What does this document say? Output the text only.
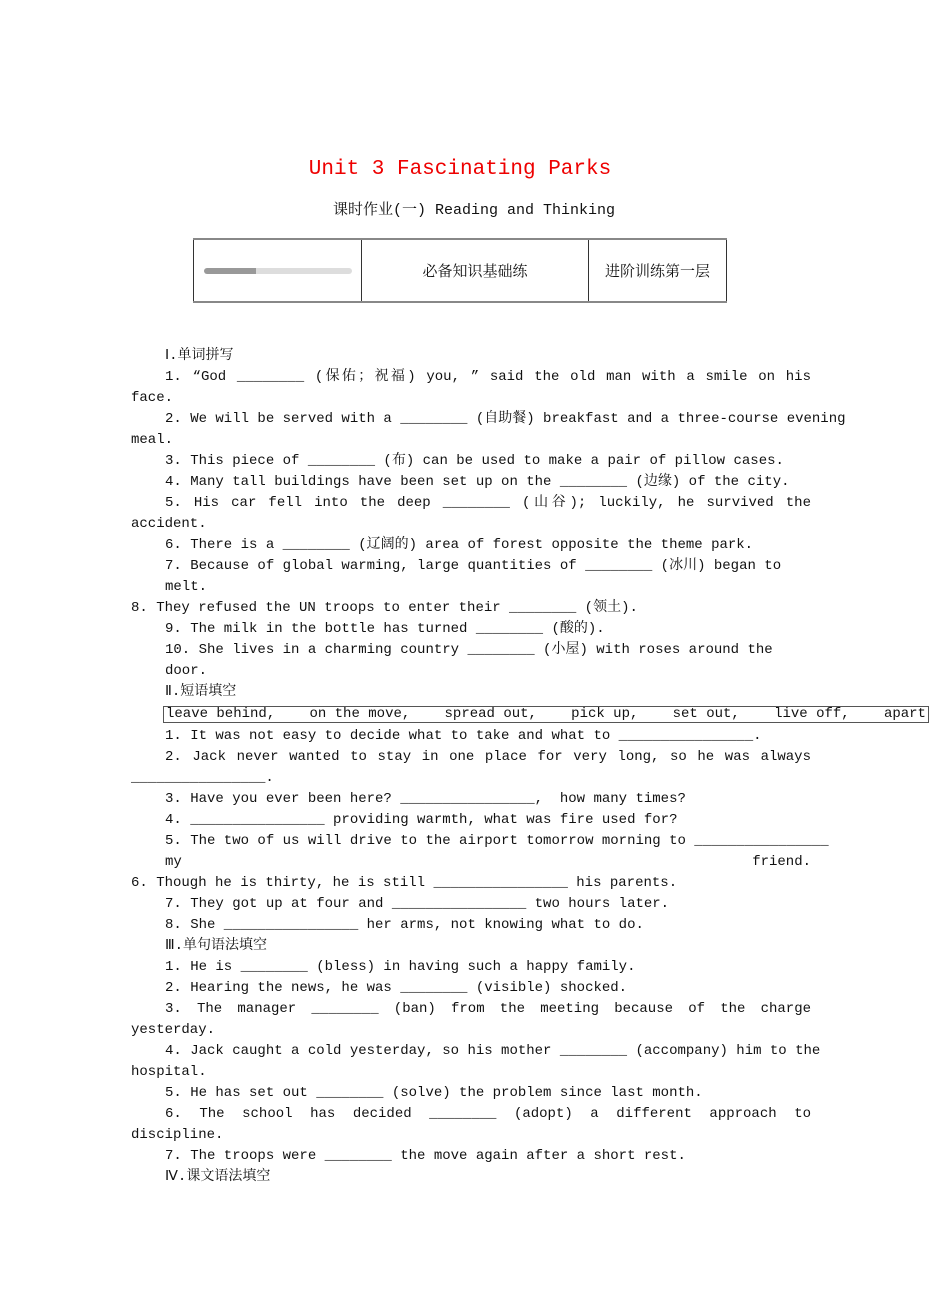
Unit 3 Fascinating Parks
课时作业(一) Reading and Thinking
	必备知识基础练	进阶训练第一层
Ⅰ.单词拼写
1. “God ________ (保佑；祝福) you, ” said the old man with a smile on his
face.
2. We will be served with a ________ (自助餐) breakfast and a three-course evening
meal.
3. This piece of ________ (布) can be used to make a pair of pillow cases.
4. Many tall buildings have been set up on the ________ (边缘) of the city.
5. His car fell into the deep ________ (山谷); luckily, he survived the
accident.
6. There is a ________ (辽阔的) area of forest opposite the theme park.
7. Because of global warming, large quantities of ________ (冰川) began to
melt.
8. They refused the UN troops to enter their ________ (领土).
9. The milk in the bottle has turned ________ (酸的).
10. She lives in a charming country ________ (小屋) with roses around the
door.
Ⅱ.短语填空
leave behind, on the move, spread out, pick up, set out, live off, apart
1. It was not easy to decide what to take and what to ________________.
2. Jack never wanted to stay in one place for very long, so he was always
________________.
3. Have you ever been here? ________________,  how many times?
4. ________________ providing warmth, what was fire used for?
5. The two of us will drive to the airport tomorrow morning to ________________
my friend.
6. Though he is thirty, he is still ________________ his parents.
7. They got up at four and ________________ two hours later.
8. She ________________ her arms, not knowing what to do.
Ⅲ.单句语法填空
1. He is ________ (bless) in having such a happy family.
2. Hearing the news, he was ________ (visible) shocked.
3. The manager ________ (ban) from the meeting because of the charge
yesterday.
4. Jack caught a cold yesterday, so his mother ________ (accompany) him to the
hospital.
5. He has set out ________ (solve) the problem since last month.
6. The school has decided ________ (adopt) a different approach to
discipline.
7. The troops were ________ the move again after a short rest.
Ⅳ.课文语法填空
